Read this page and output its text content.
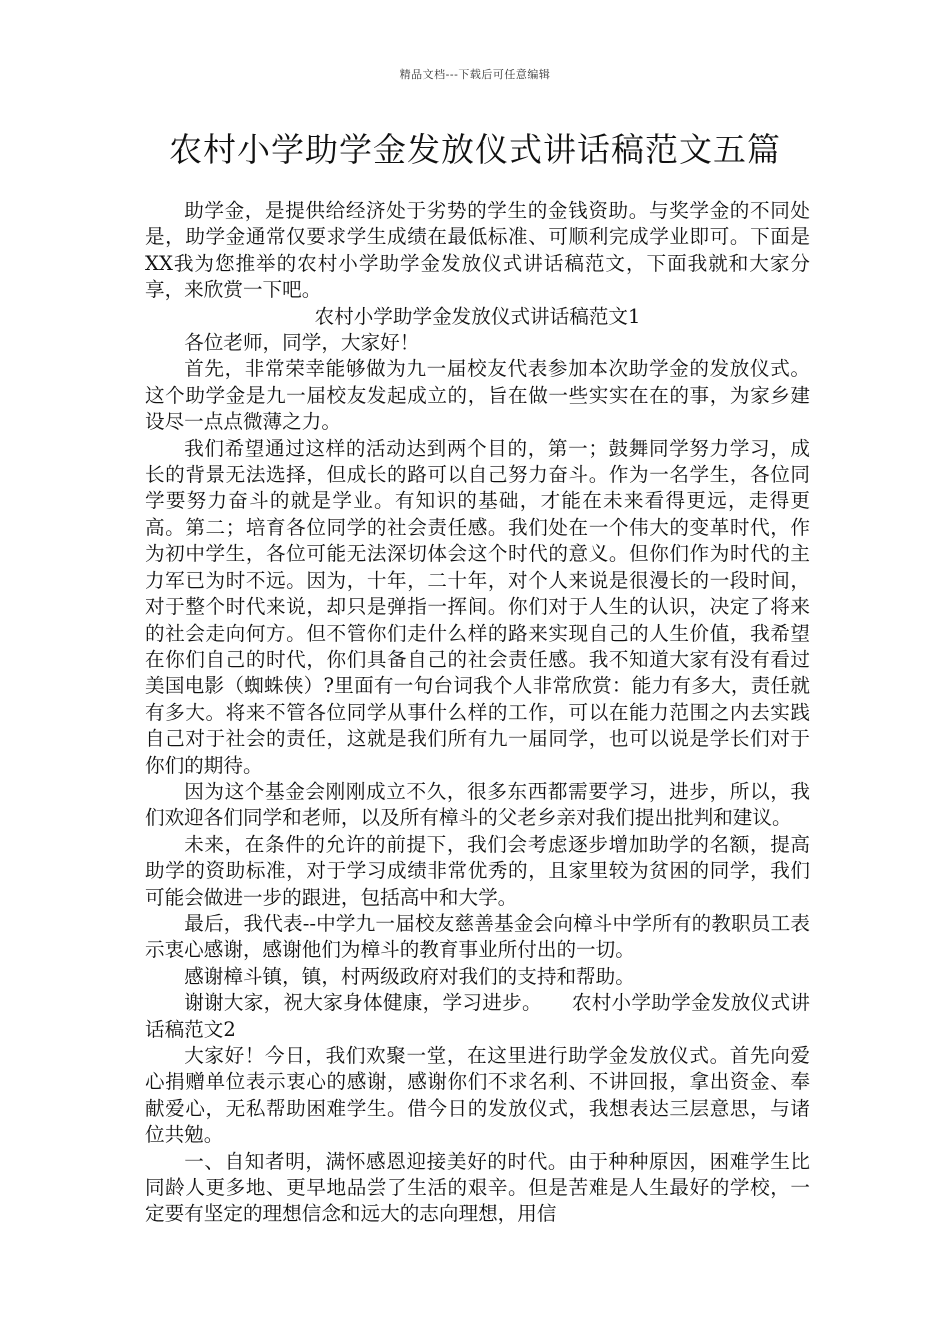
精品文档---下载后可任意编辑
农村小学助学金发放仪式讲话稿范文五篇

助学金，是提供给经济处于劣势的学生的金钱资助。与奖学金的不同处是，助学金通常仅要求学生成绩在最低标准、可顺利完成学业即可。下面是XX我为您推举的农村小学助学金发放仪式讲话稿范文，下面我就和大家分享，来欣赏一下吧。

农村小学助学金发放仪式讲话稿范文1

各位老师，同学，大家好！

首先，非常荣幸能够做为九一届校友代表参加本次助学金的发放仪式。这个助学金是九一届校友发起成立的，旨在做一些实实在在的事，为家乡建设尽一点点微薄之力。

我们希望通过这样的活动达到两个目的，第一；鼓舞同学努力学习，成长的背景无法选择，但成长的路可以自己努力奋斗。作为一名学生，各位同学要努力奋斗的就是学业。有知识的基础，才能在未来看得更远，走得更高。第二；培育各位同学的社会责任感。我们处在一个伟大的变革时代，作为初中学生，各位可能无法深切体会这个时代的意义。但你们作为时代的主力军已为时不远。因为，十年，二十年，对个人来说是很漫长的一段时间，对于整个时代来说，却只是弹指一挥间。你们对于人生的认识，决定了将来的社会走向何方。但不管你们走什么样的路来实现自己的人生价值，我希望在你们自己的时代，你们具备自己的社会责任感。我不知道大家有没有看过美国电影（蜘蛛侠）?里面有一句台词我个人非常欣赏：能力有多大，责任就有多大。将来不管各位同学从事什么样的工作，可以在能力范围之内去实践自己对于社会的责任，这就是我们所有九一届同学，也可以说是学长们对于你们的期待。

因为这个基金会刚刚成立不久，很多东西都需要学习，进步，所以，我们欢迎各们同学和老师，以及所有樟斗的父老乡亲对我们提出批判和建议。

未来，在条件的允许的前提下，我们会考虑逐步增加助学的名额，提高助学的资助标准，对于学习成绩非常优秀的，且家里较为贫困的同学，我们可能会做进一步的跟进，包括高中和大学。

最后，我代表--中学九一届校友慈善基金会向樟斗中学所有的教职员工表示衷心感谢，感谢他们为樟斗的教育事业所付出的一切。

感谢樟斗镇，镇，村两级政府对我们的支持和帮助。

谢谢大家，祝大家身体健康，学习进步。　　农村小学助学金发放仪式讲话稿范文2

大家好！今日，我们欢聚一堂，在这里进行助学金发放仪式。首先向爱心捐赠单位表示衷心的感谢，感谢你们不求名利、不讲回报，拿出资金、奉献爱心，无私帮助困难学生。借今日的发放仪式，我想表达三层意思，与诸位共勉。

一、自知者明，满怀感恩迎接美好的时代。由于种种原因，困难学生比同龄人更多地、更早地品尝了生活的艰辛。但是苦难是人生最好的学校，一定要有坚定的理想信念和远大的志向理想，用信
